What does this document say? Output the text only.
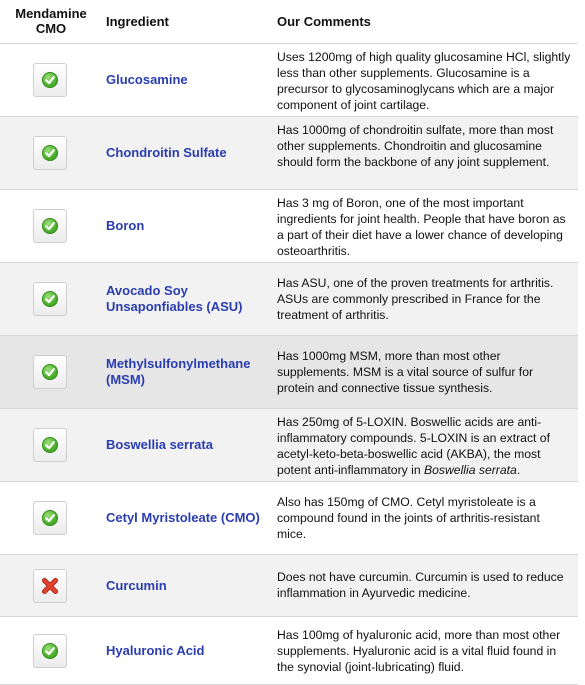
Mendamine CMO	Ingredient	Our Comments
Glucosamine
Uses 1200mg of high quality glucosamine HCl, slightly less than other supplements. Glucosamine is a precursor to glycosaminoglycans which are a major component of joint cartilage.
Chondroitin Sulfate
Has 1000mg of chondroitin sulfate, more than most other supplements. Chondroitin and glucosamine should form the backbone of any joint supplement.
Boron
Has 3 mg of Boron, one of the most important ingredients for joint health. People that have boron as a part of their diet have a lower chance of developing osteoarthritis.
Avocado Soy Unsaponfiables (ASU)
Has ASU, one of the proven treatments for arthritis. ASUs are commonly prescribed in France for the treatment of arthritis.
Methylsulfonylmethane (MSM)
Has 1000mg MSM, more than most other supplements. MSM is a vital source of sulfur for protein and connective tissue synthesis.
Boswellia serrata
Has 250mg of 5-LOXIN. Boswellic acids are anti-inflammatory compounds. 5-LOXIN is an extract of acetyl-keto-beta-boswellic acid (AKBA), the most potent anti-inflammatory in Boswellia serrata.
Cetyl Myristoleate (CMO)
Also has 150mg of CMO. Cetyl myristoleate is a compound found in the joints of arthritis-resistant mice.
Curcumin
Does not have curcumin. Curcumin is used to reduce inflammation in Ayurvedic medicine.
Hyaluronic Acid
Has 100mg of hyaluronic acid, more than most other supplements. Hyaluronic acid is a vital fluid found in the synovial (joint-lubricating) fluid.
